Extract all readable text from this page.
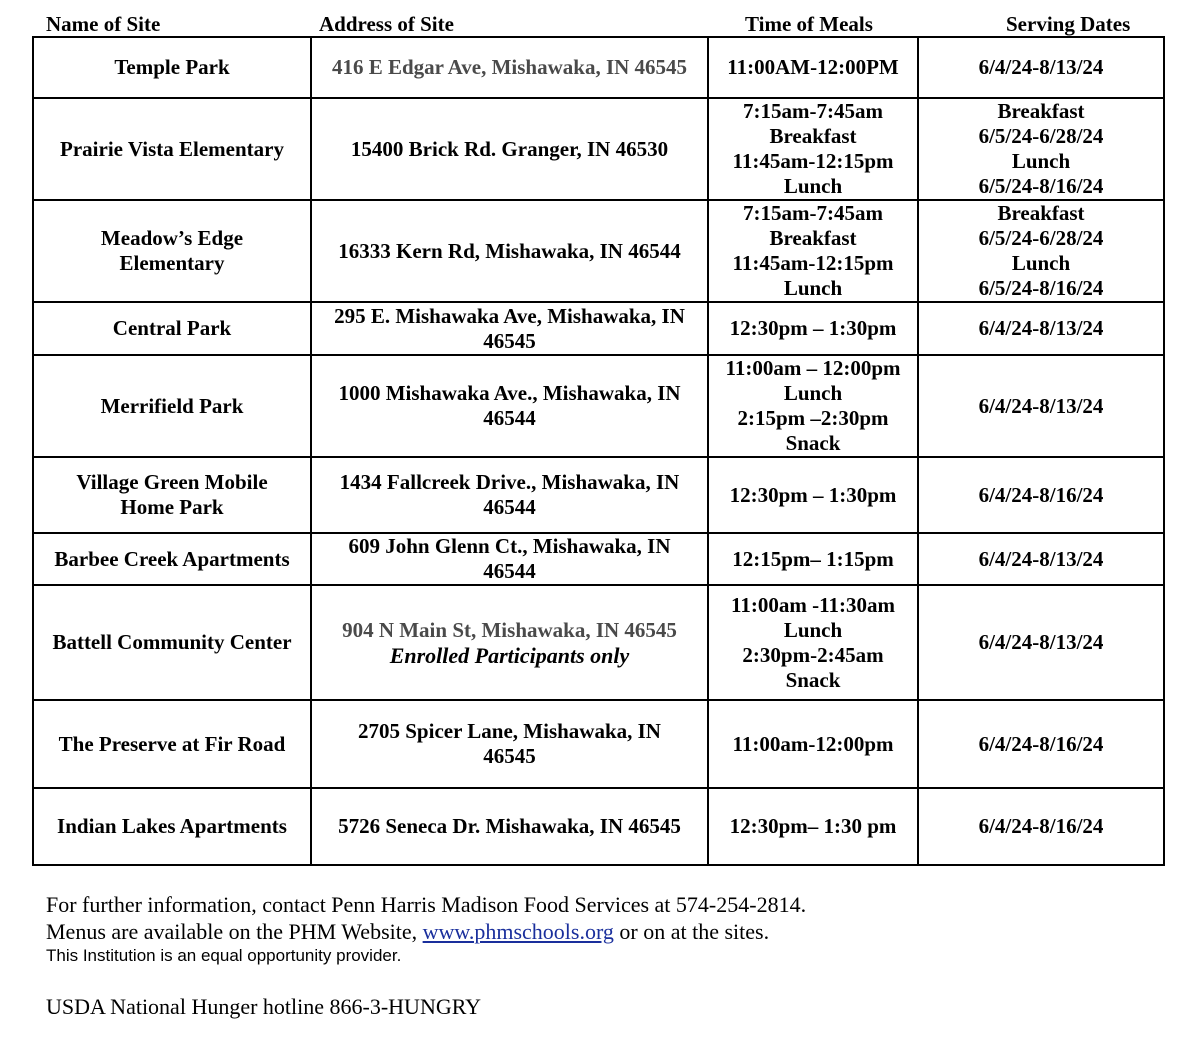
Name of Site	Address of Site	Time of Meals	Serving Dates
Temple Park	416 E Edgar Ave, Mishawaka, IN 46545	11:00AM-12:00PM	6/4/24-8/13/24

Prairie Vista Elementary	15400 Brick Rd. Granger, IN 46530	7:15am-7:45am
Breakfast
11:45am-12:15pm
Lunch	Breakfast
6/5/24-6/28/24
Lunch
6/5/24-8/16/24

Meadow’s Edge
Elementary	16333 Kern Rd, Mishawaka, IN 46544	7:15am-7:45am
Breakfast
11:45am-12:15pm
Lunch	Breakfast
6/5/24-6/28/24
Lunch
6/5/24-8/16/24

Central Park	295 E. Mishawaka Ave, Mishawaka, IN
46545	12:30pm – 1:30pm	6/4/24-8/13/24

Merrifield Park	1000 Mishawaka Ave., Mishawaka, IN
46544	11:00am – 12:00pm
Lunch
2:15pm –2:30pm
Snack	6/4/24-8/13/24

Village Green Mobile
Home Park	1434 Fallcreek Drive., Mishawaka, IN
46544	12:30pm – 1:30pm	6/4/24-8/16/24

Barbee Creek Apartments	609 John Glenn Ct., Mishawaka, IN
46544	12:15pm– 1:15pm	6/4/24-8/13/24

Battell Community Center	904 N Main St, Mishawaka, IN 46545
Enrolled Participants only	11:00am -11:30am
Lunch
2:30pm-2:45am
Snack	6/4/24-8/13/24

The Preserve at Fir Road	2705 Spicer Lane, Mishawaka, IN
46545	11:00am-12:00pm	6/4/24-8/16/24

Indian Lakes Apartments	5726 Seneca Dr. Mishawaka, IN 46545	12:30pm– 1:30 pm	6/4/24-8/16/24
For further information, contact Penn Harris Madison Food Services at 574-254-2814.
Menus are available on the PHM Website, www.phmschools.org or on at the sites.
This Institution is an equal opportunity provider.
USDA National Hunger hotline 866-3-HUNGRY
